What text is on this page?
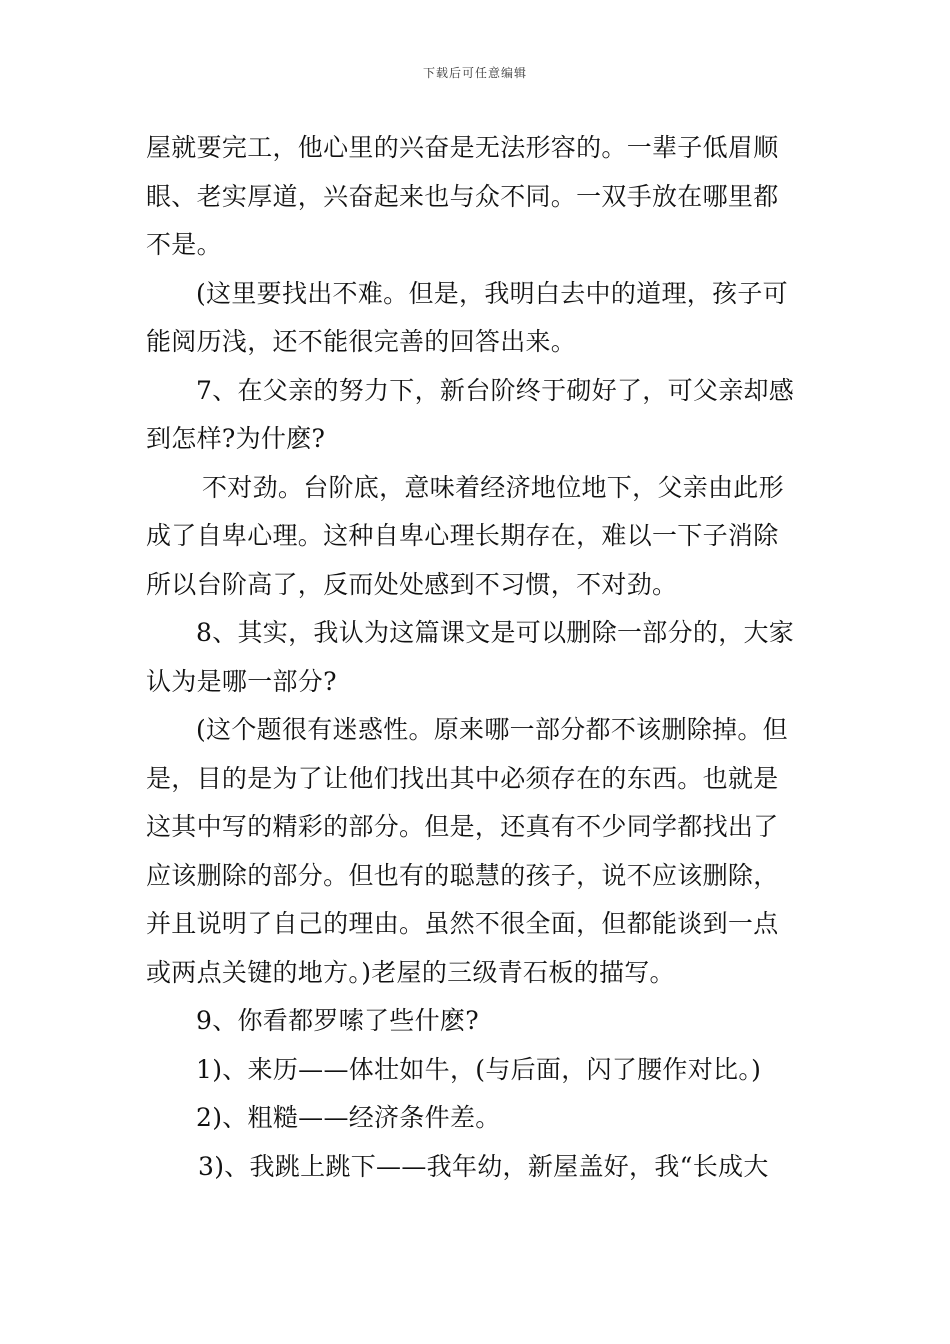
下载后可任意编辑
屋就要完工，他心里的兴奋是无法形容的。一辈子低眉顺
眼、老实厚道，兴奋起来也与众不同。一双手放在哪里都
不是。
(这里要找出不难。但是，我明白去中的道理，孩子可
能阅历浅，还不能很完善的回答出来。
7、在父亲的努力下，新台阶终于砌好了，可父亲却感
到怎样?为什麽?
不对劲。台阶底，意味着经济地位地下，父亲由此形
成了自卑心理。这种自卑心理长期存在，难以一下子消除
所以台阶高了，反而处处感到不习惯，不对劲。
8、其实，我认为这篇课文是可以删除一部分的，大家
认为是哪一部分?
(这个题很有迷惑性。原来哪一部分都不该删除掉。但
是，目的是为了让他们找出其中必须存在的东西。也就是
这其中写的精彩的部分。但是，还真有不少同学都找出了
应该删除的部分。但也有的聪慧的孩子，说不应该删除，
并且说明了自己的理由。虽然不很全面，但都能谈到一点
或两点关键的地方。)老屋的三级青石板的描写。
9、你看都罗嗦了些什麽?
1)、来历——体壮如牛，(与后面，闪了腰作对比。)
2)、粗糙——经济条件差。
3)、我跳上跳下——我年幼，新屋盖好，我“长成大
